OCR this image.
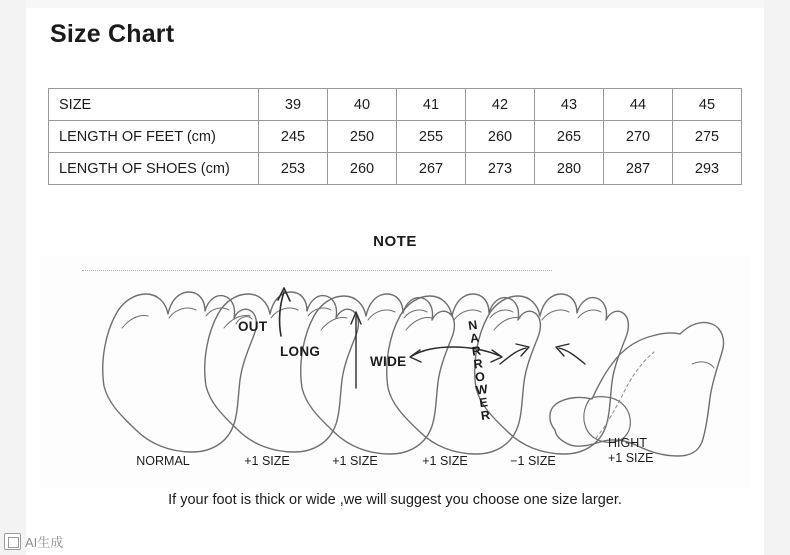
Size Chart
SIZE	39	40	41	42	43	44	45
LENGTH OF FEET (cm)	245	250	255	260	265	270	275
LENGTH OF SHOES (cm)	253	260	267	273	280	287	293
NOTE
OUT
LONG
WIDE	NARROWER
NORMAL	+1 SIZE	+1 SIZE	+1 SIZE	−1 SIZE
HIGHT
+1 SIZE
If your foot is thick or wide ,we will suggest you choose one size larger.
AI生成
